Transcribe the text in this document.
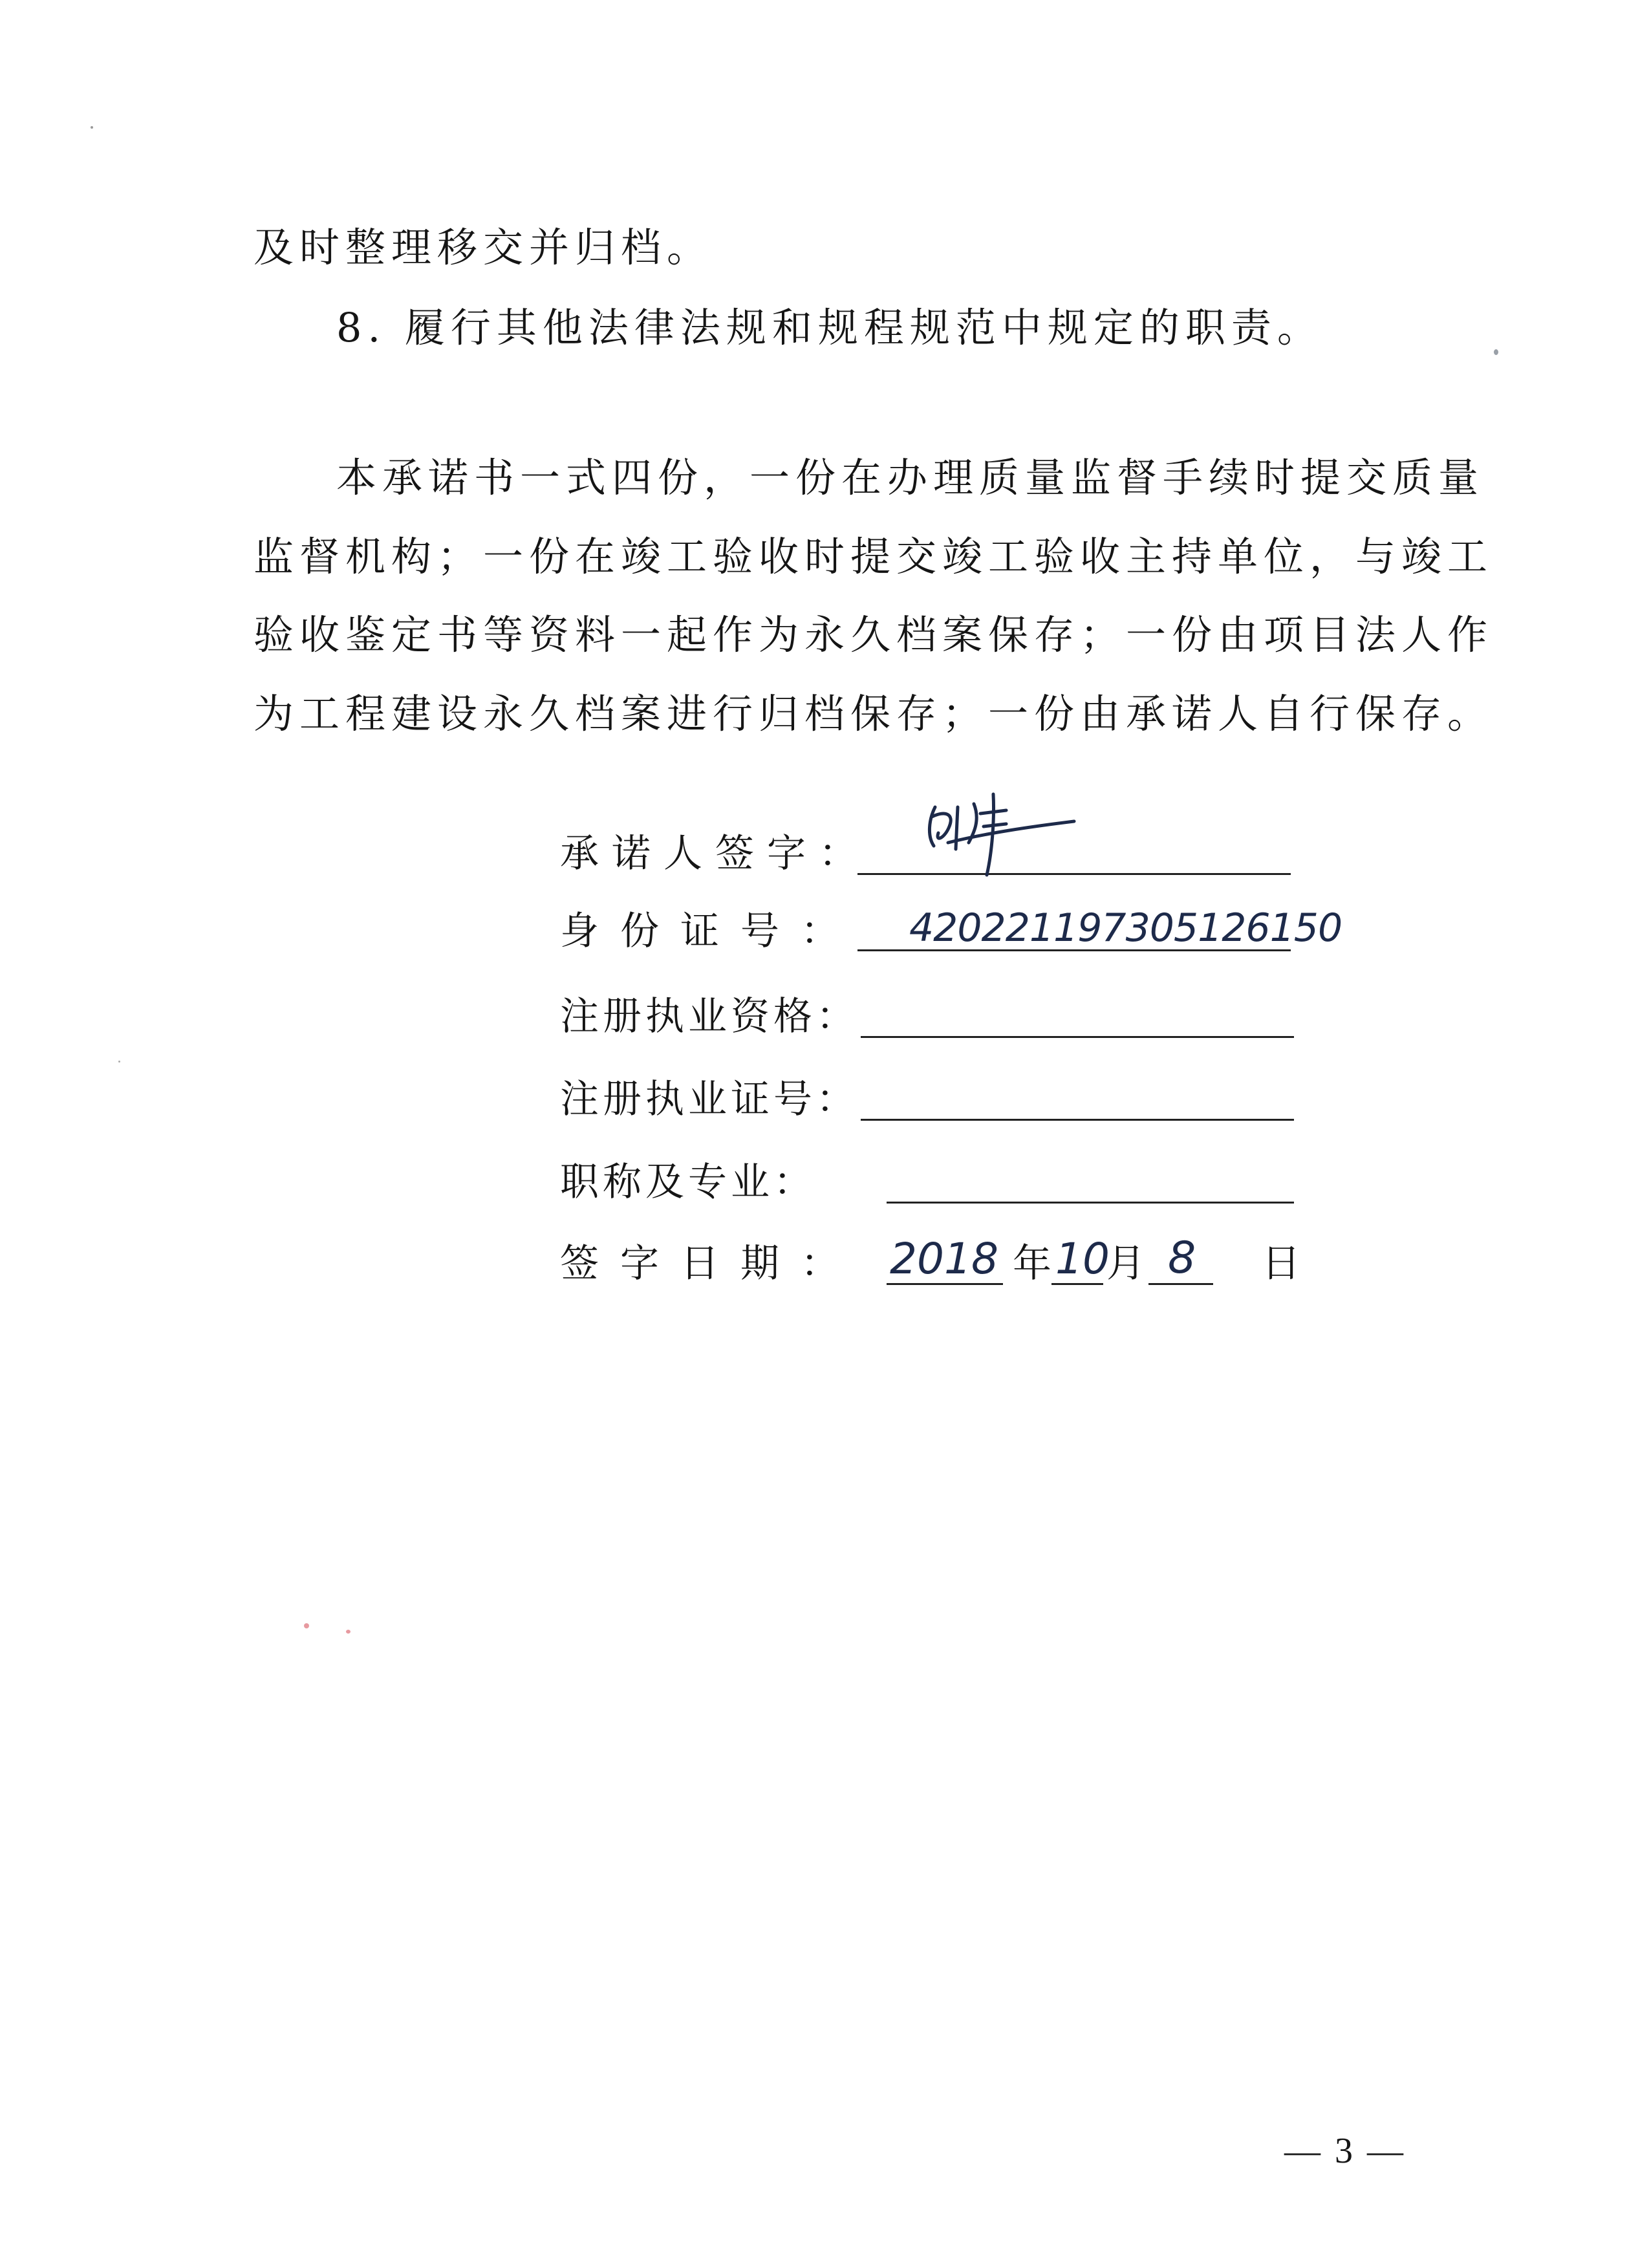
及时整理移交并归档。
8. 履行其他法律法规和规程规范中规定的职责。
本承诺书一式四份，一份在办理质量监督手续时提交质量
监督机构；一份在竣工验收时提交竣工验收主持单位，与竣工
验收鉴定书等资料一起作为永久档案保存；一份由项目法人作
为工程建设永久档案进行归档保存；一份由承诺人自行保存。
承诺人签字：
身份证号： 420221197305126150
注册执业资格：
注册执业证号：
职称及专业：
签字日期： 2018 年 10
月 8 日
— 3 —
